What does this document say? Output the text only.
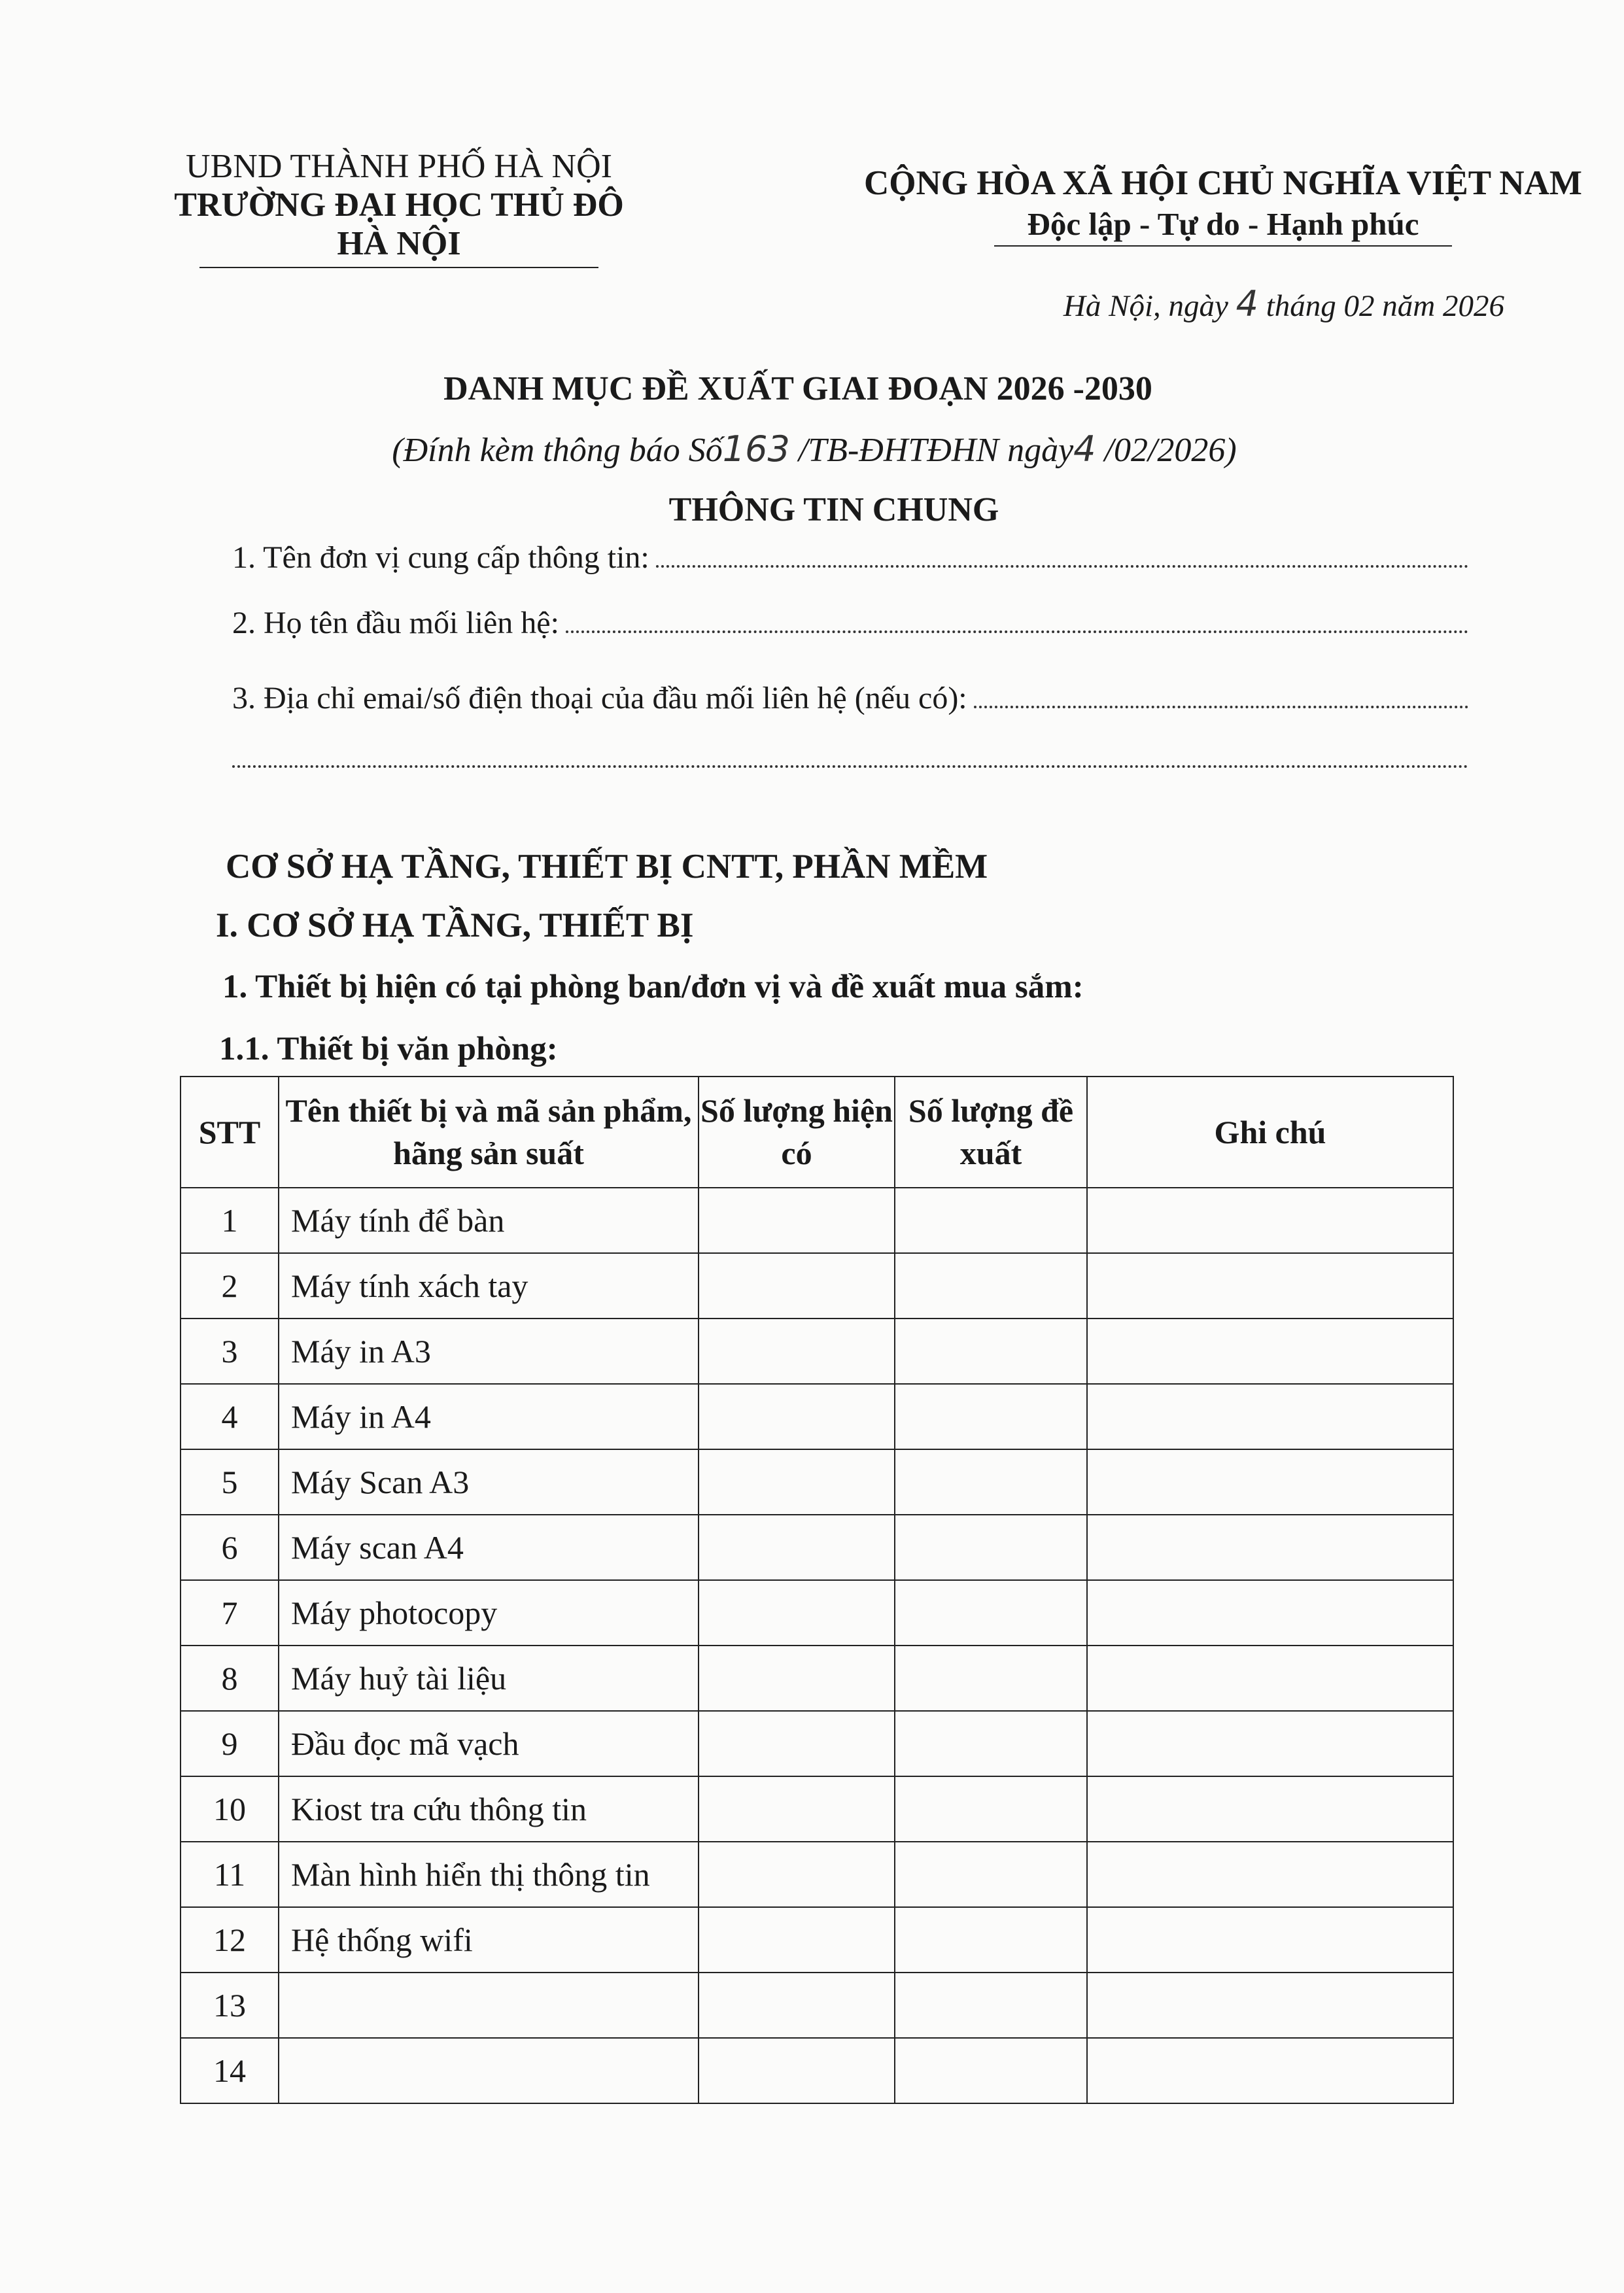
UBND THÀNH PHỐ HÀ NỘI
TRƯỜNG ĐẠI HỌC THỦ ĐÔ HÀ NỘI
CỘNG HÒA XÃ HỘI CHỦ NGHĨA VIỆT NAM
Độc lập - Tự do - Hạnh phúc
Hà Nội, ngày 4 tháng 02 năm 2026
DANH MỤC ĐỀ XUẤT GIAI ĐOẠN 2026 -2030
(Đính kèm thông báo Số163 /TB-ĐHTĐHN ngày4 /02/2026)
THÔNG TIN CHUNG
1. Tên đơn vị cung cấp thông tin:
2. Họ tên đầu mối liên hệ:
3. Địa chỉ emai/số điện thoại của đầu mối liên hệ (nếu có):
CƠ SỞ HẠ TẦNG, THIẾT BỊ CNTT, PHẦN MỀM
I. CƠ SỞ HẠ TẦNG, THIẾT BỊ
1. Thiết bị hiện có tại phòng ban/đơn vị và đề xuất mua sắm:
1.1. Thiết bị văn phòng:
STT	Tên thiết bị và mã sản phẩm, hãng sản suất	Số lượng hiện có	Số lượng đề xuất	Ghi chú
1	Máy tính để bàn			
2	Máy tính xách tay			
3	Máy in A3			
4	Máy in A4			
5	Máy Scan A3			
6	Máy scan A4			
7	Máy photocopy			
8	Máy huỷ tài liệu			
9	Đầu đọc mã vạch			
10	Kiost tra cứu thông tin			
11	Màn hình hiển thị thông tin			
12	Hệ thống wifi			
13				
14				
